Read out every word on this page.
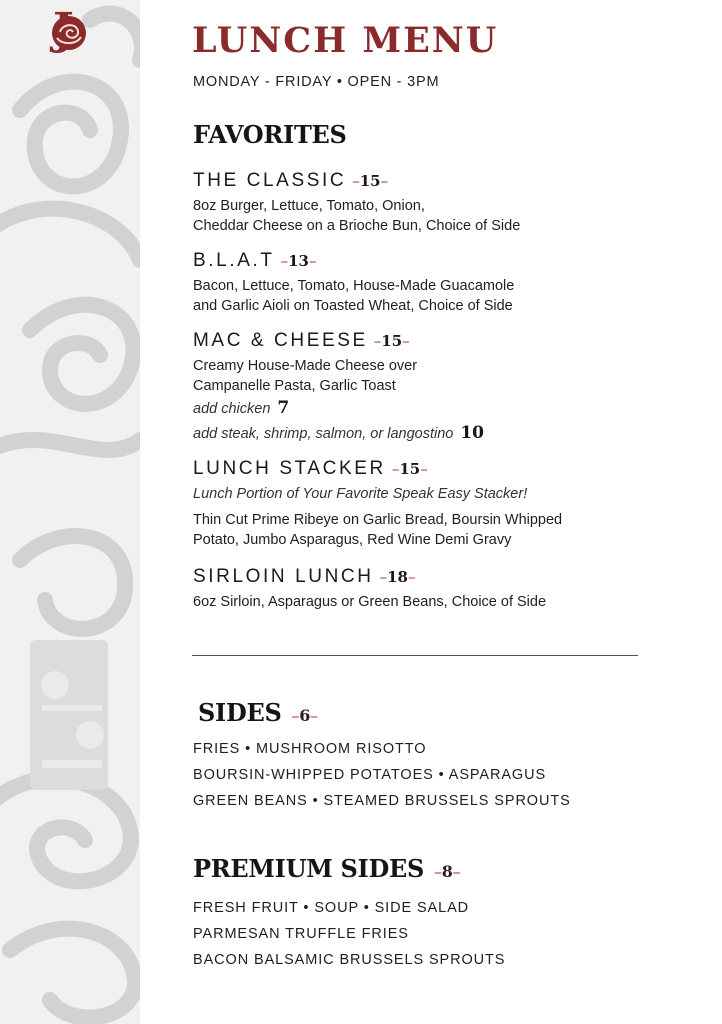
LUNCH MENU
MONDAY - FRIDAY • OPEN - 3PM
FAVORITES
THE CLASSIC –15–
8oz Burger, Lettuce, Tomato, Onion,
Cheddar Cheese on a Brioche Bun, Choice of Side
B.L.A.T –13–
Bacon, Lettuce, Tomato, House-Made Guacamole
and Garlic Aioli on Toasted Wheat, Choice of Side
MAC & CHEESE –15–
Creamy House-Made Cheese over
Campanelle Pasta, Garlic Toast
add chicken 7
add steak, shrimp, salmon, or langostino 10
LUNCH STACKER –15–
Lunch Portion of Your Favorite Speak Easy Stacker!
Thin Cut Prime Ribeye on Garlic Bread, Boursin Whipped
Potato, Jumbo Asparagus, Red Wine Demi Gravy
SIRLOIN LUNCH –18–
6oz Sirloin, Asparagus or Green Beans, Choice of Side
SIDES –6–
FRIES • MUSHROOM RISOTTO
BOURSIN-WHIPPED POTATOES • ASPARAGUS
GREEN BEANS • STEAMED BRUSSELS SPROUTS
PREMIUM SIDES –8–
FRESH FRUIT • SOUP • SIDE SALAD
PARMESAN TRUFFLE FRIES
BACON BALSAMIC BRUSSELS SPROUTS
